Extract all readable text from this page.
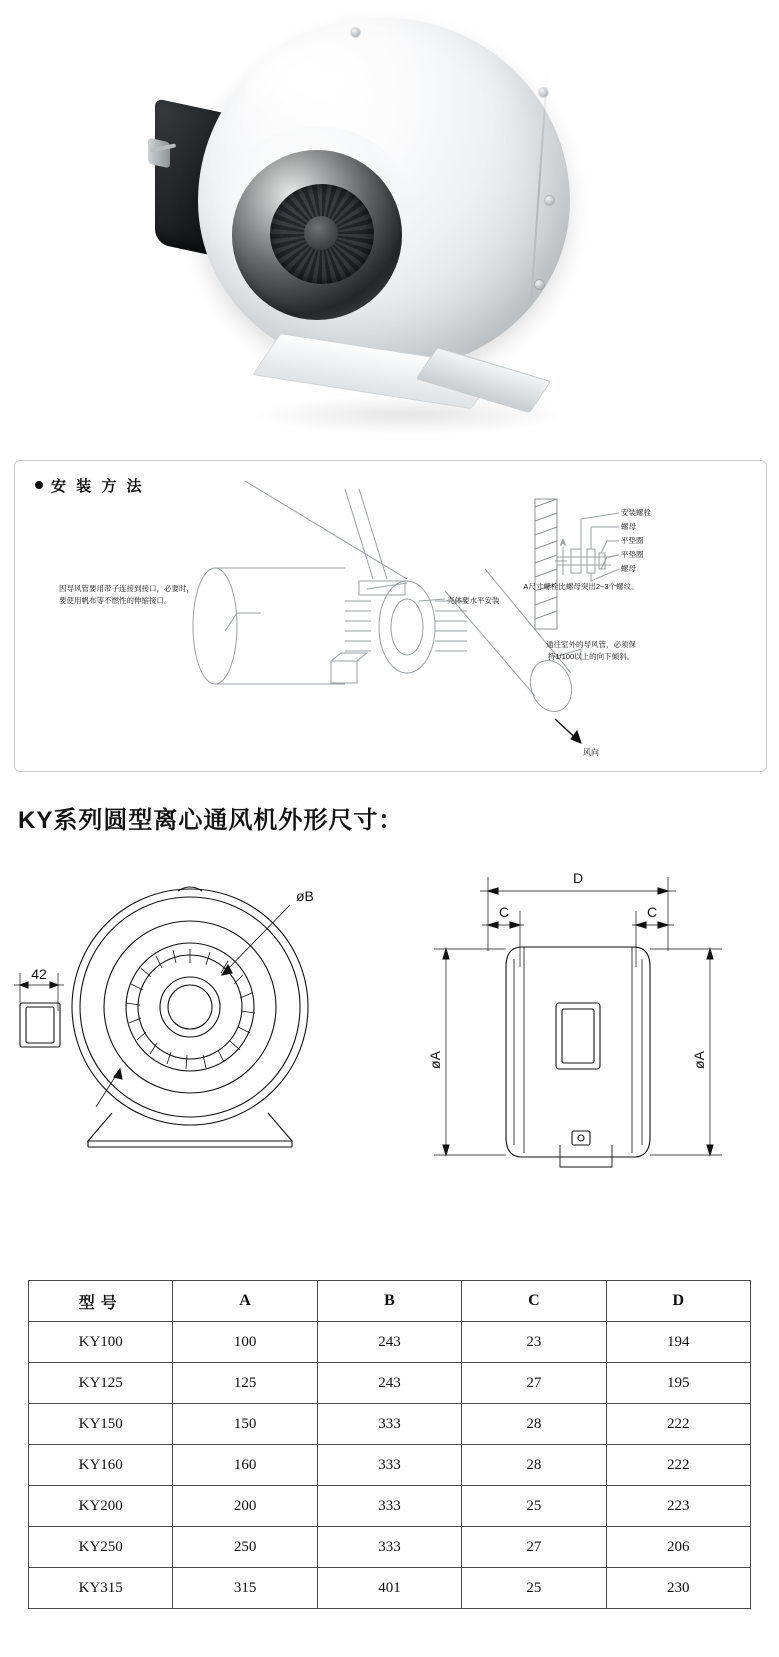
安 装 方 法
A
安装螺栓
螺母
平垫圈
平垫圈
螺母
A尺寸螺栓比螺母突出2~3个螺纹。
壳体要水平安装
通往室外的导风管，必须保
持1/100以上的向下倾斜。
因导风管要用带子连接到接口，必要时，
要使用帆布等不燃性的伸缩接口。
风向
KY系列圆型离心通风机外形尺寸：
42
øB
D
C	C
øA	øA
型号	A	B	C	D
KY100	100	243	23	194
KY125	125	243	27	195
KY150	150	333	28	222
KY160	160	333	28	222
KY200	200	333	25	223
KY250	250	333	27	206
KY315	315	401	25	230
